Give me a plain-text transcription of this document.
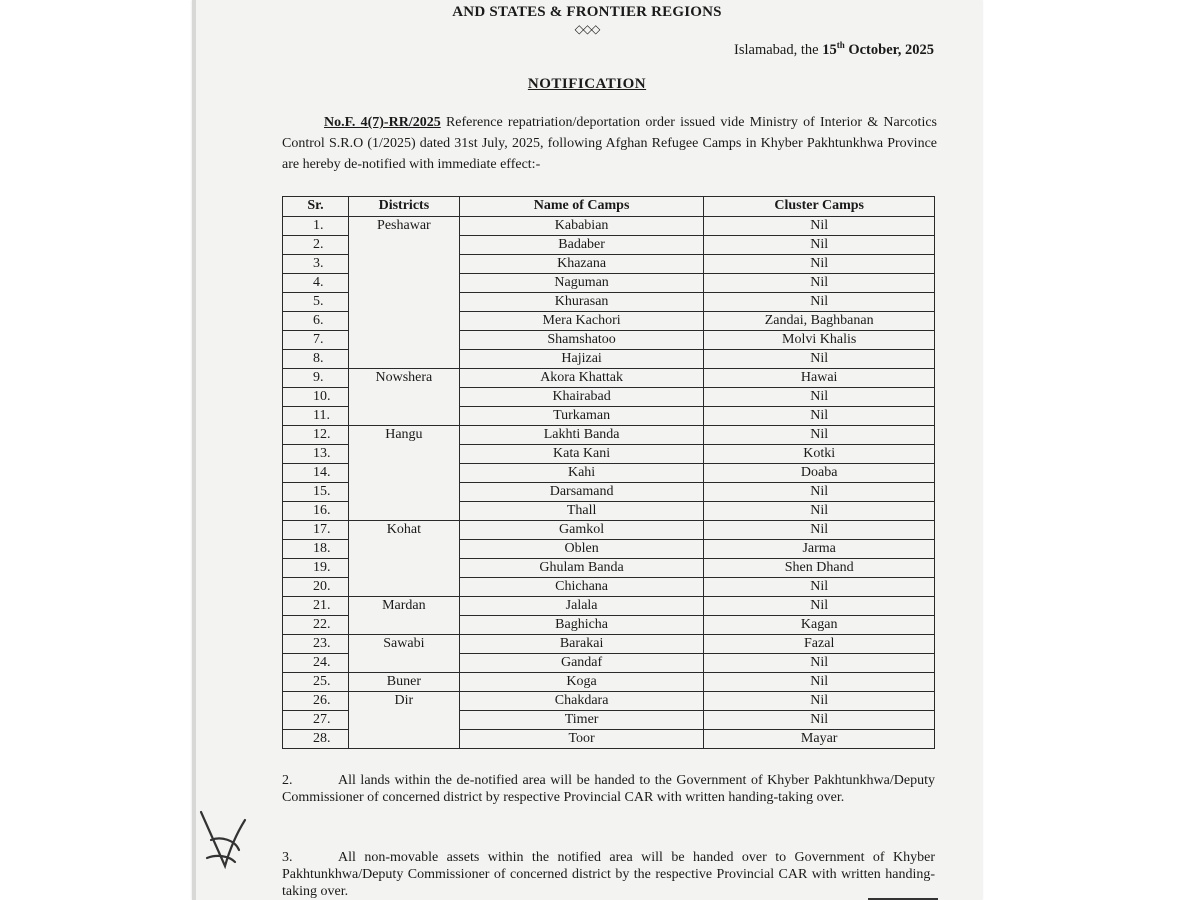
AND STATES & FRONTIER REGIONS
◇◇◇
Islamabad, the 15th October, 2025
NOTIFICATION
No.F. 4(7)-RR/2025 Reference repatriation/deportation order issued vide Ministry of Interior & Narcotics Control S.R.O (1/2025) dated 31st July, 2025, following Afghan Refugee Camps in Khyber Pakhtunkhwa Province are hereby de-notified with immediate effect:-
Sr.	Districts	Name of Camps	Cluster Camps
1.	Peshawar	Kababian	Nil
2.		Badaber	Nil
3.		Khazana	Nil
4.		Naguman	Nil
5.		Khurasan	Nil
6.		Mera Kachori	Zandai, Baghbanan
7.		Shamshatoo	Molvi Khalis
8.		Hajizai	Nil
9.	Nowshera	Akora Khattak	Hawai
10.		Khairabad	Nil
11.		Turkaman	Nil
12.	Hangu	Lakhti Banda	Nil
13.		Kata Kani	Kotki
14.		Kahi	Doaba
15.		Darsamand	Nil
16.		Thall	Nil
17.	Kohat	Gamkol	Nil
18.		Oblen	Jarma
19.		Ghulam Banda	Shen Dhand
20.		Chichana	Nil
21.	Mardan	Jalala	Nil
22.		Baghicha	Kagan
23.	Sawabi	Barakai	Fazal
24.		Gandaf	Nil
25.	Buner	Koga	Nil
26.	Dir	Chakdara	Nil
27.		Timer	Nil
28.		Toor	Mayar
2.	All lands within the de-notified area will be handed to the Government of Khyber Pakhtunkhwa/Deputy Commissioner of concerned district by respective Provincial CAR with written handing-taking over.
3.	All non-movable assets within the notified area will be handed over to Government of Khyber Pakhtunkhwa/Deputy Commissioner of concerned district by the respective Provincial CAR with written handing-taking over.
